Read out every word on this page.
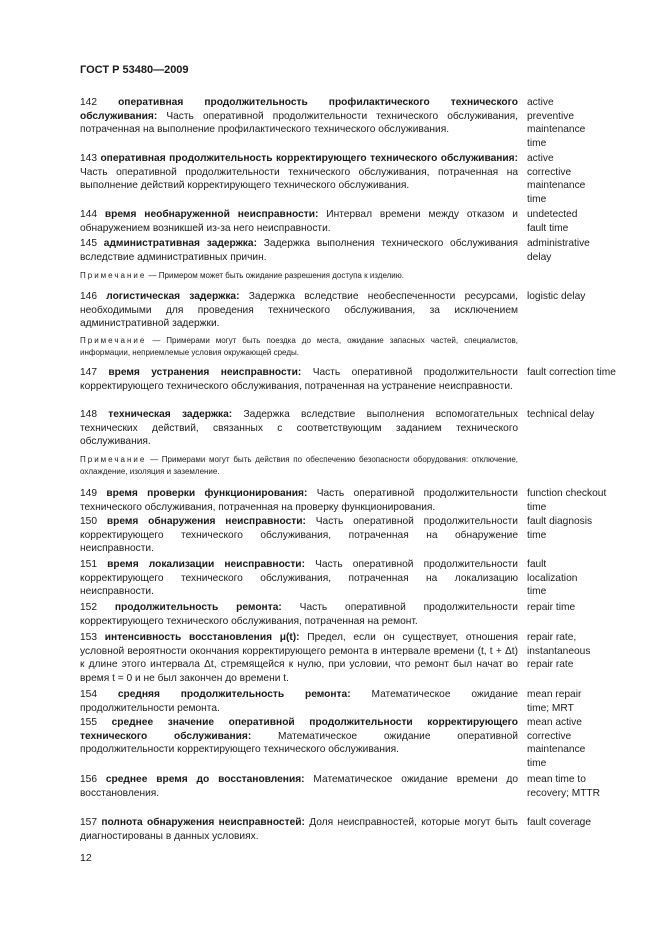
ГОСТ Р 53480—2009
142 оперативная продолжительность профилактического технического обслуживания: Часть оперативной продолжительности технического обслуживания, потраченная на выполнение профилактического технического обслуживания.
active preventive maintenance time
143 оперативная продолжительность корректирующего технического обслуживания: Часть оперативной продолжительности технического обслуживания, потраченная на выполнение действий корректирующего технического обслуживания.
active corrective maintenance time
144 время необнаруженной неисправности: Интервал времени между отказом и обнаружением возникшей из-за него неисправности.
undetected fault time
145 административная задержка: Задержка выполнения технического обслуживания вследствие административных причин.
administrative delay
Примечание — Примером может быть ожидание разрешения доступа к изделию.
146 логистическая задержка: Задержка вследствие необеспеченности ресурсами, необходимыми для проведения технического обслуживания, за исключением административной задержки.
logistic delay
Примечание — Примерами могут быть поездка до места, ожидание запасных частей, специалистов, информации, неприемлемые условия окружающей среды.
147 время устранения неисправности: Часть оперативной продолжительности корректирующего технического обслуживания, потраченная на устранение неисправности.
fault correction time
148 техническая задержка: Задержка вследствие выполнения вспомогательных технических действий, связанных с соответствующим заданием технического обслуживания.
technical delay
Примечание — Примерами могут быть действия по обеспечению безопасности оборудования: отключение, охлаждение, изоляция и заземление.
149 время проверки функционирования: Часть оперативной продолжительности технического обслуживания, потраченная на проверку функционирования.
function checkout time
150 время обнаружения неисправности: Часть оперативной продолжительности корректирующего технического обслуживания, потраченная на обнаружение неисправности.
fault diagnosis time
151 время локализации неисправности: Часть оперативной продолжительности корректирующего технического обслуживания, потраченная на локализацию неисправности.
fault localization time
152 продолжительность ремонта: Часть оперативной продолжительности корректирующего технического обслуживания, потраченная на ремонт.
repair time
153 интенсивность восстановления μ(t): Предел, если он существует, отношения условной вероятности окончания корректирующего ремонта в интервале времени (t, t + Δt) к длине этого интервала Δt, стремящейся к нулю, при условии, что ремонт был начат во время t = 0 и не был закончен до времени t.
repair rate, instantaneous repair rate
154 средняя продолжительность ремонта: Математическое ожидание продолжительности ремонта.
mean repair time; MRT
155 среднее значение оперативной продолжительности корректирующего технического обслуживания:	Математическое ожидание оперативной продолжительности корректирующего технического обслуживания.
mean active corrective maintenance time
156 среднее время до восстановления: Математическое ожидание времени до восстановления.
mean time to recovery; MTTR
157 полнота обнаружения неисправностей: Доля неисправностей, которые могут быть диагностированы в данных условиях.
fault coverage
12
